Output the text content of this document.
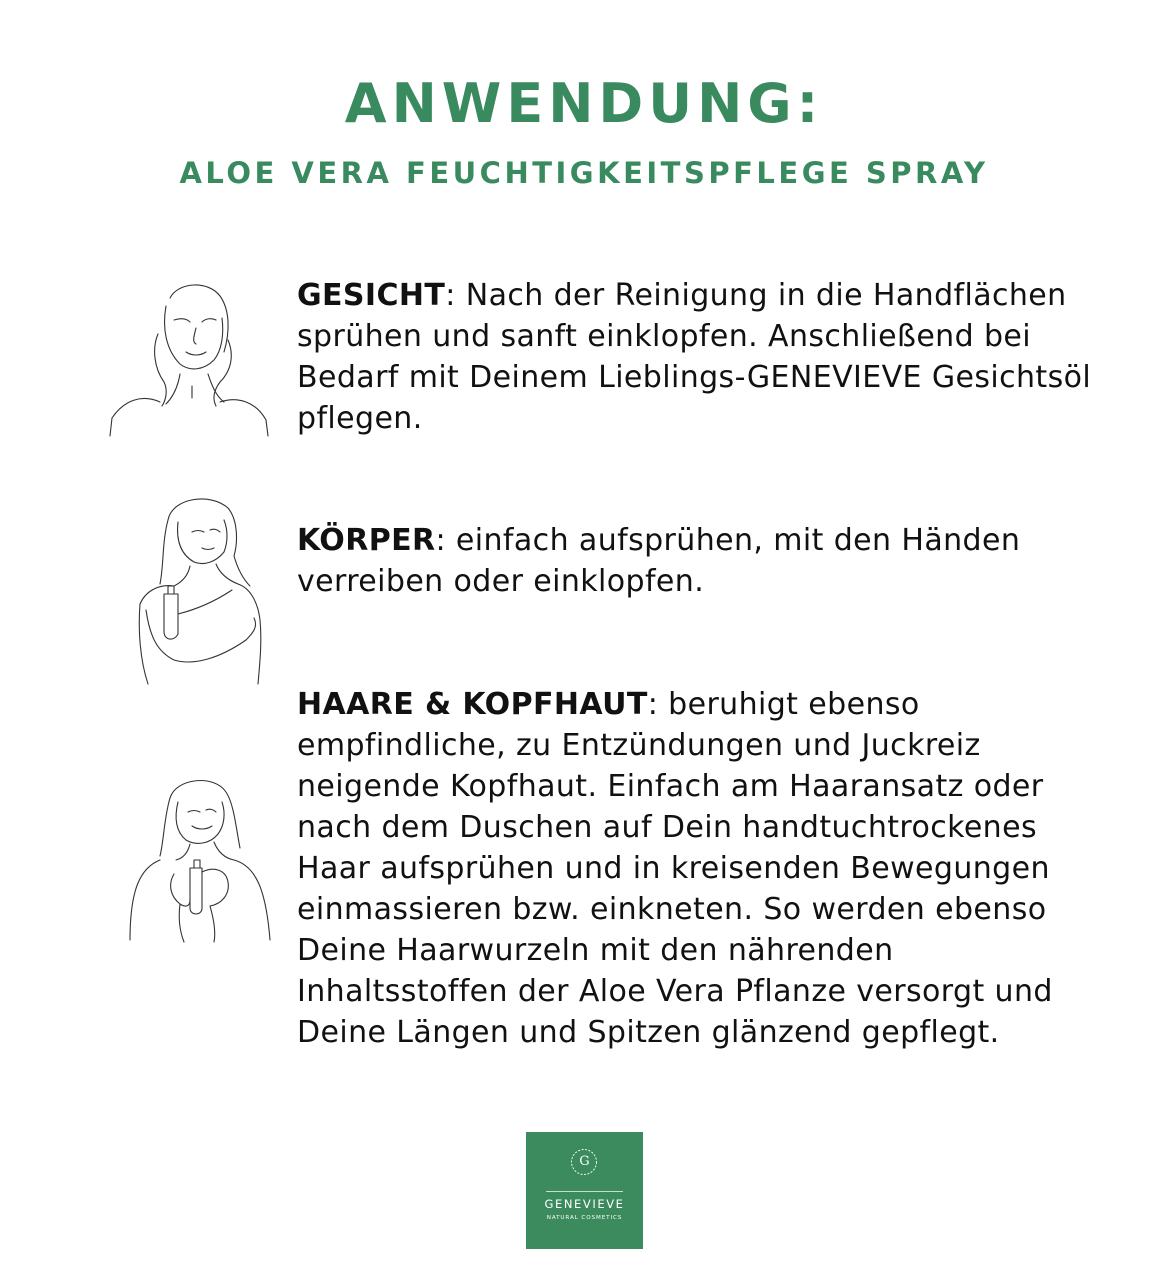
ANWENDUNG:
ALOE VERA FEUCHTIGKEITSPFLEGE SPRAY

GESICHT: Nach der Reinigung in die Handflächen sprühen und sanft einklopfen. Anschließend bei Bedarf mit Deinem Lieblings-GENEVIEVE Gesichtsöl pflegen.

KÖRPER: einfach aufsprühen, mit den Händen verreiben oder einklopfen.

HAARE & KOPFHAUT: beruhigt ebenso empfindliche, zu Entzündungen und Juckreiz neigende Kopfhaut. Einfach am Haaransatz oder nach dem Duschen auf Dein handtuchtrockenes Haar aufsprühen und in kreisenden Bewegungen einmassieren bzw. einkneten. So werden ebenso Deine Haarwurzeln mit den nährenden Inhaltsstoffen der Aloe Vera Pflanze versorgt und Deine Längen und Spitzen glänzend gepflegt.

G
GENEVIEVE
NATURAL COSMETICS
